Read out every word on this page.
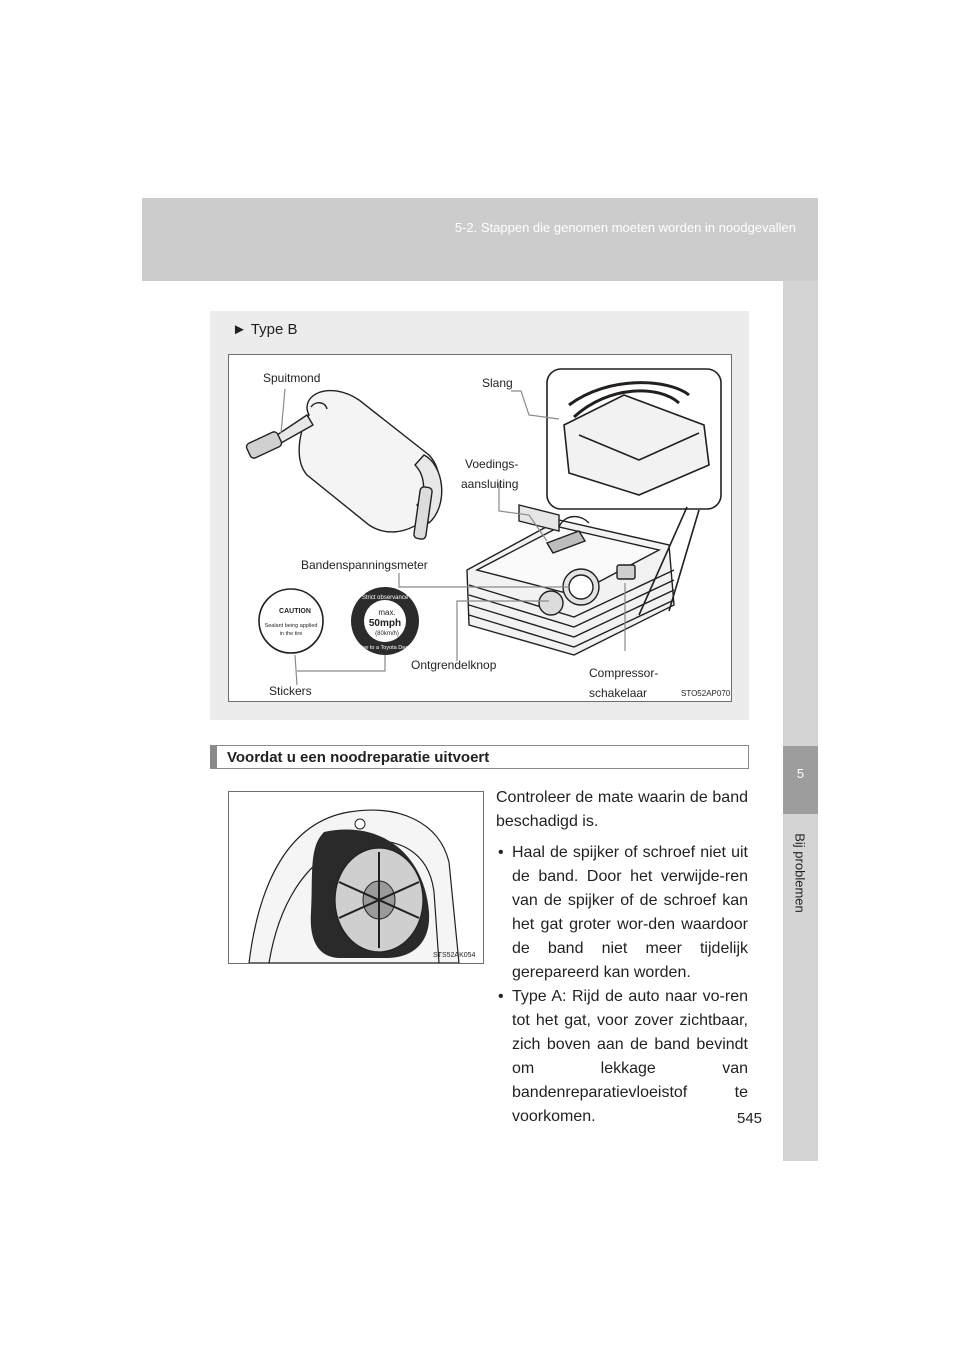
5-2. Stappen die genomen moeten worden in noodgevallen
5
Bij problemen
► Type B
CAUTION
Sealant being applied
in the tire
Strict observance
max.
50mph
(80km/h)
Drive to a Toyota Dealer
Spuitmond	Slang
Voedings-
aansluiting
Bandenspanningsmeter
Ontgrendelknop
Compressor-
schakelaar
Stickers	STO52AP070
Voordat u een noodreparatie uitvoert
STS52AK054

Controleer de mate waarin de band beschadigd is.

• Haal de spijker of schroef niet uit de band. Door het verwijde-ren van de spijker of de schroef kan het gat groter wor-den waardoor de band niet meer tijdelijk gerepareerd kan worden.
• Type A: Rijd de auto naar vo-ren tot het gat, voor zover zichtbaar, zich boven aan de band bevindt om lekkage van bandenreparatievloeistof te voorkomen.	545
